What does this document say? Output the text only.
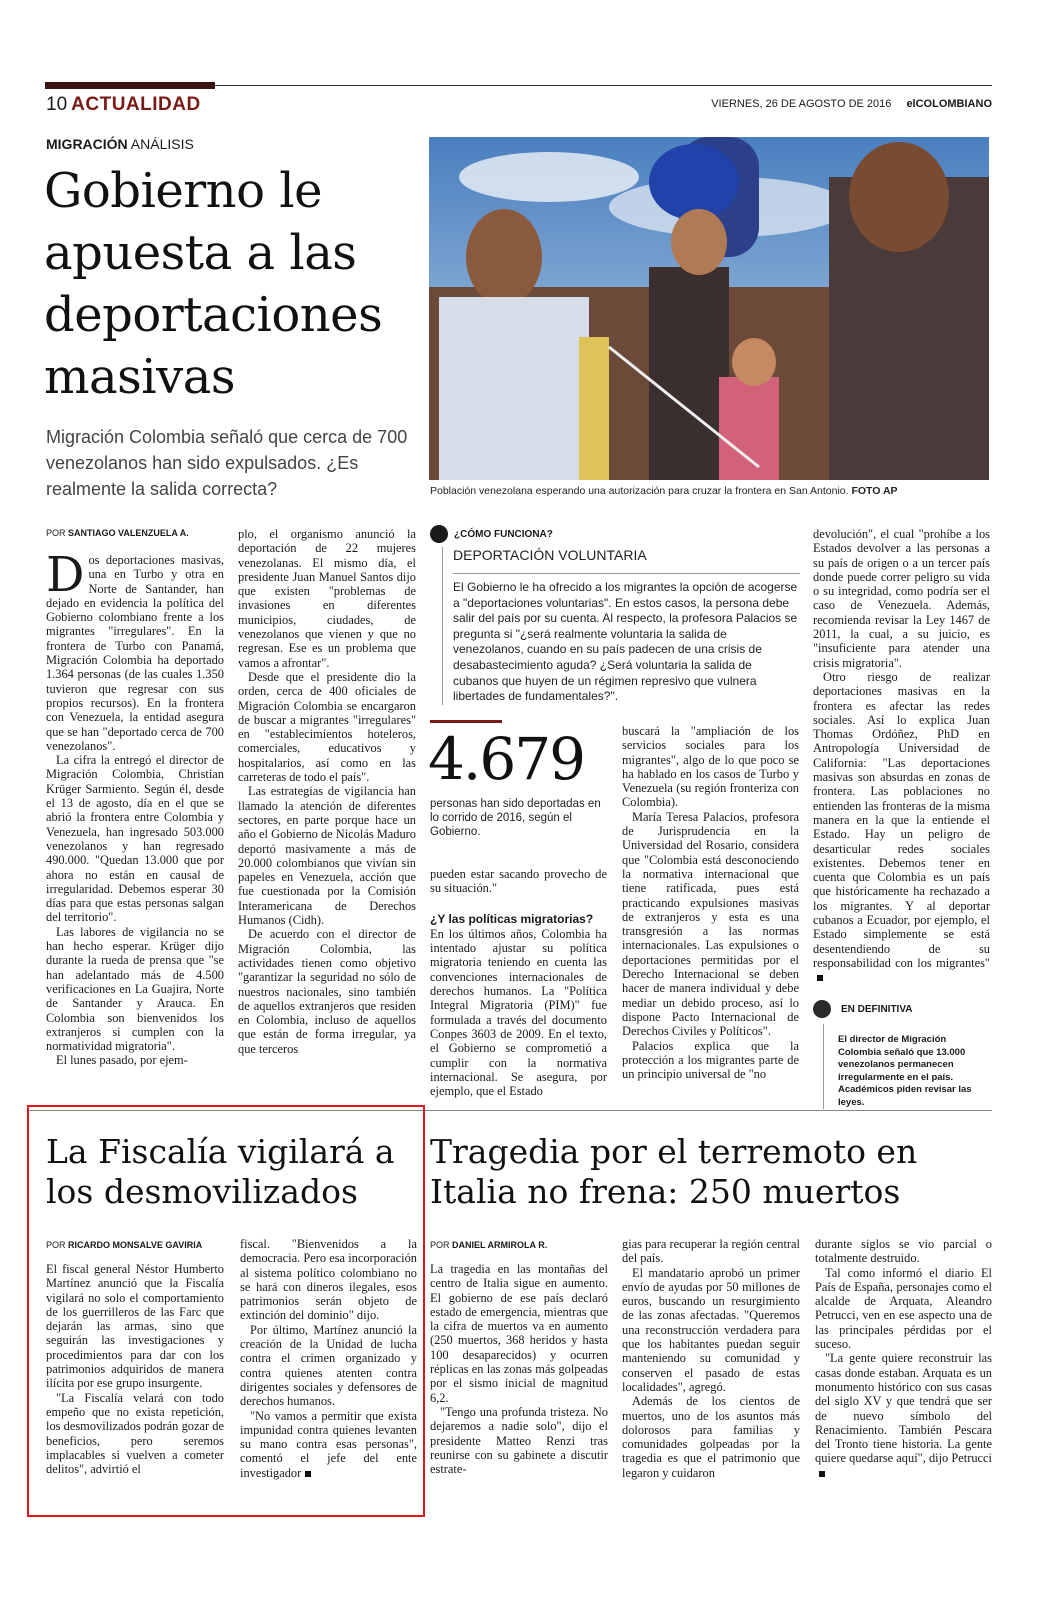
10 ACTUALIDAD	VIERNES, 26 DE AGOSTO DE 2016 elCOLOMBIANO
MIGRACIÓN ANÁLISIS
Gobierno le apuesta a las deportaciones masivas
Migración Colombia señaló que cerca de 700 venezolanos han sido expulsados. ¿Es realmente la salida correcta?	Población venezolana esperando una autorización para cruzar la frontera en San Antonio. FOTO AP
POR SANTIAGO VALENZUELA A.

Dos deportaciones masivas, una en Turbo y otra en Norte de Santander, han dejado en evidencia la política del Gobierno colombiano frente a los migrantes "irregulares". En la frontera de Turbo con Panamá, Migración Colombia ha deportado 1.364 personas (de las cuales 1.350 tuvieron que regresar con sus propios recursos). En la frontera con Venezuela, la entidad asegura que se han "deportado cerca de 700 venezolanos".

La cifra la entregó el director de Migración Colombia, Christian Krüger Sarmiento. Según él, desde el 13 de agosto, día en el que se abrió la frontera entre Colombia y Venezuela, han ingresado 503.000 venezolanos y han regresado 490.000. "Quedan 13.000 que por ahora no están en causal de irregularidad. Debemos esperar 30 días para que estas personas salgan del territorio".

Las labores de vigilancia no se han hecho esperar. Krüger dijo durante la rueda de prensa que "se han adelantado más de 4.500 verificaciones en La Guajira, Norte de Santander y Arauca. En Colombia son bienvenidos los extranjeros si cumplen con la normatividad migratoria".

El lunes pasado, por ejem-

plo, el organismo anunció la deportación de 22 mujeres venezolanas. El mismo día, el presidente Juan Manuel Santos dijo que existen "problemas de invasiones en diferentes municipios, ciudades, de venezolanos que vienen y que no regresan. Ese es un problema que vamos a afrontar".

Desde que el presidente dio la orden, cerca de 400 oficiales de Migración Colombia se encargaron de buscar a migrantes "irregulares" en "establecimientos hoteleros, comerciales, educativos y hospitalarios, así como en las carreteras de todo el país".

Las estrategias de vigilancia han llamado la atención de diferentes sectores, en parte porque hace un año el Gobierno de Nicolás Maduro deportó masivamente a más de 20.000 colombianos que vivían sin papeles en Venezuela, acción que fue cuestionada por la Comisión Interamericana de Derechos Humanos (Cidh).

De acuerdo con el director de Migración Colombia, las actividades tienen como objetivo "garantizar la seguridad no sólo de nuestros nacionales, sino también de aquellos extranjeros que residen en Colombia, incluso de aquellos que están de forma irregular, ya que terceros

¿CÓMO FUNCIONA?
DEPORTACIÓN VOLUNTARIA
El Gobierno le ha ofrecido a los migrantes la opción de acogerse a "deportaciones voluntarias". En estos casos, la persona debe salir del país por su cuenta. Al respecto, la profesora Palacios se pregunta si "¿será realmente voluntaria la salida de venezolanos, cuando en su país padecen de una crisis de desabastecimiento aguda? ¿Será voluntaria la salida de cubanos que huyen de un régimen represivo que vulnera libertades de fundamentales?".
4.679
personas han sido deportadas en lo corrido de 2016, según el Gobierno.

pueden estar sacando provecho de su situación."

¿Y las políticas migratorias?

En los últimos años, Colombia ha intentado ajustar su política migratoria teniendo en cuenta las convenciones internacionales de derechos humanos. La "Política Integral Migratoria (PIM)" fue formulada a través del documento Conpes 3603 de 2009. En el texto, el Gobierno se comprometió a cumplir con la normativa internacional. Se asegura, por ejemplo, que el Estado

buscará la "ampliación de los servicios sociales para los migrantes", algo de lo que poco se ha hablado en los casos de Turbo y Venezuela (su región fronteriza con Colombia).

María Teresa Palacios, profesora de Jurisprudencia en la Universidad del Rosario, considera que "Colombia está desconociendo la normativa internacional que tiene ratificada, pues está practicando expulsiones masivas de extranjeros y esta es una transgresión a las normas internacionales. Las expulsiones o deportaciones permitidas por el Derecho Internacional se deben hacer de manera individual y debe mediar un debido proceso, así lo dispone Pacto Internacional de Derechos Civiles y Políticos".

Palacios explica que la protección a los migrantes parte de un principio universal de "no

devolución", el cual "prohíbe a los Estados devolver a las personas a su país de origen o a un tercer país donde puede correr peligro su vida o su integridad, como podría ser el caso de Venezuela. Además, recomienda revisar la Ley 1467 de 2011, la cual, a su juicio, es "insuficiente para atender una crisis migratoria".

Otro riesgo de realizar deportaciones masivas en la frontera es afectar las redes sociales. Así lo explica Juan Thomas Ordóñez, PhD en Antropología Universidad de California: "Las deportaciones masivas son absurdas en zonas de frontera. Las poblaciones no entienden las fronteras de la misma manera en la que la entiende el Estado. Hay un peligro de desarticular redes sociales existentes. Debemos tener en cuenta que Colombia es un país que históricamente ha rechazado a los migrantes. Y al deportar cubanos a Ecuador, por ejemplo, el Estado simplemente se está desentendiendo de su responsabilidad con los migrantes"

EN DEFINITIVA
El director de Migración Colombia señaló que 13.000 venezolanos permanecen irregularmente en el país. Académicos piden revisar las leyes.
La Fiscalía vigilará a los desmovilizados
POR RICARDO MONSALVE GAVIRIA

El fiscal general Néstor Humberto Martínez anunció que la Fiscalía vigilará no solo el comportamiento de los guerrilleros de las Farc que dejarán las armas, sino que seguirán las investigaciones y procedimientos para dar con los patrimonios adquiridos de manera ilícita por ese grupo insurgente.

"La Fiscalía velará con todo empeño que no exista repetición, los desmovilizados podrán gozar de beneficios, pero seremos implacables si vuelven a cometer delitos", advirtió el

fiscal. "Bienvenidos a la democracia. Pero esa incorporación al sistema político colombiano no se hará con dineros ilegales, esos patrimonios serán objeto de extinción del dominio" dijo.

Por último, Martínez anunció la creación de la Unidad de lucha contra el crimen organizado y contra quienes atenten contra dirigentes sociales y defensores de derechos humanos.

"No vamos a permitir que exista impunidad contra quienes levanten su mano contra esas personas", comentó el jefe del ente investigador

Tragedia por el terremoto en Italia no frena: 250 muertos
POR DANIEL ARMIROLA R.

La tragedia en las montañas del centro de Italia sigue en aumento. El gobierno de ese país declaró estado de emergencia, mientras que la cifra de muertos va en aumento (250 muertos, 368 heridos y hasta 100 desaparecidos) y ocurren réplicas en las zonas más golpeadas por el sismo inicial de magnitud 6,2.

"Tengo una profunda tristeza. No dejaremos a nadie solo", dijo el presidente Matteo Renzi tras reunirse con su gabinete a discutir estrate-

gias para recuperar la región central del país.

El mandatario aprobó un primer envío de ayudas por 50 millones de euros, buscando un resurgimiento de las zonas afectadas. "Queremos una reconstrucción verdadera para que los habitantes puedan seguir manteniendo su comunidad y conserven el pasado de estas localidades", agregó.

Además de los cientos de muertos, uno de los asuntos más dolorosos para familias y comunidades golpeadas por la tragedia es que el patrimonio que legaron y cuidaron

durante siglos se vio parcial o totalmente destruido.

Tal como informó el diario El País de España, personajes como el alcalde de Arquata, Aleandro Petrucci, ven en ese aspecto una de las principales pérdidas por el suceso.

"La gente quiere reconstruir las casas donde estaban. Arquata es un monumento histórico con sus casas del siglo XV y que tendrá que ser de nuevo símbolo del Renacimiento. También Pescara del Tronto tiene historia. La gente quiere quedarse aquí", dijo Petrucci
